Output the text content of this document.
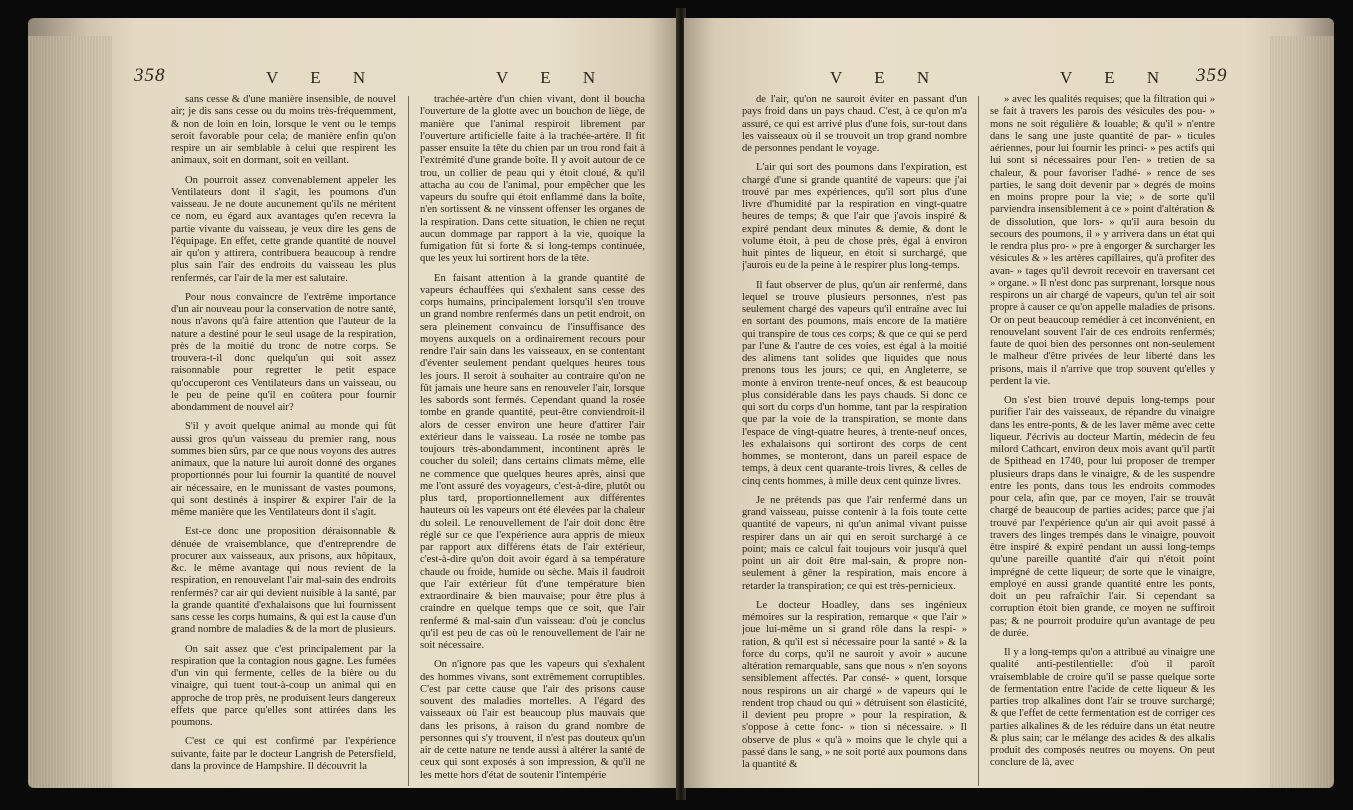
358	V E N	V E N

sans cesse & d'une manière insensible, de nouvel air; je dis sans cesse ou du moins très-fréquemment, & non de loin en loin, lorsque le vent ou le temps seroit favorable pour cela; de manière enfin qu'on respire un air semblable à celui que respirent les animaux, soit en dormant, soit en veillant.

On pourroit assez convenablement appeler les Ventilateurs dont il s'agit, les poumons d'un vaisseau. Je ne doute aucunement qu'ils ne méritent ce nom, eu égard aux avantages qu'en recevra la partie vivante du vaisseau, je veux dire les gens de l'équipage. En effet, cette grande quantité de nouvel air qu'on y attirera, contribuera beaucoup à rendre plus sain l'air des endroits du vaisseau les plus renfermés, car l'air de la mer est salutaire.

Pour nous convaincre de l'extrême importance d'un air nouveau pour la conservation de notre santé, nous n'avons qu'à faire attention que l'auteur de la nature a destiné pour le seul usage de la respiration, près de la moitié du tronc de notre corps. Se trouvera-t-il donc quelqu'un qui soit assez raisonnable pour regretter le petit espace qu'occuperont ces Ventilateurs dans un vaisseau, ou le peu de peine qu'il en coûtera pour fournir abondamment de nouvel air?

S'il y avoit quelque animal au monde qui fût aussi gros qu'un vaisseau du premier rang, nous sommes bien sûrs, par ce que nous voyons des autres animaux, que la nature lui auroit donné des organes proportionnés pour lui fournir la quantité de nouvel air nécessaire, en le munissant de vastes poumons, qui sont destinés à inspirer & expirer l'air de la même manière que les Ventilateurs dont il s'agit.

Est-ce donc une proposition déraisonnable & dénuée de vraisemblance, que d'entreprendre de procurer aux vaisseaux, aux prisons, aux hôpitaux, &c. le même avantage qui nous revient de la respiration, en renouvelant l'air mal-sain des endroits renfermés? car air qui devient nuisible à la santé, par la grande quantité d'exhalaisons que lui fournissent sans cesse les corps humains, & qui est la cause d'un grand nombre de maladies & de la mort de plusieurs.

On sait assez que c'est principalement par la respiration que la contagion nous gagne. Les fumées d'un vin qui fermente, celles de la bière ou du vinaigre, qui tuent tout-à-coup un animal qui en approche de trop près, ne produisent leurs dangereux effets que parce qu'elles sont attirées dans les poumons.

C'est ce qui est confirmé par l'expérience suivante, faite par le docteur Langrish de Petersfield, dans la province de Hampshire. Il découvrit la

trachée-artère d'un chien vivant, dont il boucha l'ouverture de la glotte avec un bouchon de liège, de manière que l'animal respiroit librement par l'ouverture artificielle faite à la trachée-artère. Il fit passer ensuite la tête du chien par un trou rond fait à l'extrémité d'une grande boîte. Il y avoit autour de ce trou, un collier de peau qui y étoit cloué, & qu'il attacha au cou de l'animal, pour empêcher que les vapeurs du soufre qui étoit enflammé dans la boîte, n'en sortissent & ne vinssent offenser les organes de la respiration. Dans cette situation, le chien ne reçut aucun dommage par rapport à la vie, quoique la fumigation fût si forte & si long-temps continuée, que les yeux lui sortirent hors de la tête.

En faisant attention à la grande quantité de vapeurs échauffées qui s'exhalent sans cesse des corps humains, principalement lorsqu'il s'en trouve un grand nombre renfermés dans un petit endroit, on sera pleinement convaincu de l'insuffisance des moyens auxquels on a ordinairement recours pour rendre l'air sain dans les vaisseaux, en se contentant d'éventer seulement pendant quelques heures tous les jours. Il seroit à souhaiter au contraire qu'on ne fût jamais une heure sans en renouveler l'air, lorsque les sabords sont fermés. Cependant quand la rosée tombe en grande quantité, peut-être conviendroit-il alors de cesser environ une heure d'attirer l'air extérieur dans le vaisseau. La rosée ne tombe pas toujours très-abondamment, incontinent après le coucher du soleil; dans certains climats même, elle ne commence que quelques heures après, ainsi que me l'ont assuré des voyageurs, c'est-à-dire, plutôt ou plus tard, proportionnellement aux différentes hauteurs où les vapeurs ont été élevées par la chaleur du soleil. Le renouvellement de l'air doit donc être réglé sur ce que l'expérience aura appris de mieux par rapport aux différens états de l'air extérieur, c'est-à-dire qu'on doit avoir égard à sa température chaude ou froide, humide ou sèche. Mais il faudroit que l'air extérieur fût d'une température bien extraordinaire & bien mauvaise; pour être plus à craindre en quelque temps que ce soit, que l'air renfermé & mal-sain d'un vaisseau: d'où je conclus qu'il est peu de cas où le renouvellement de l'air ne soit nécessaire.

On n'ignore pas que les vapeurs qui s'exhalent des hommes vivans, sont extrêmement corruptibles. C'est par cette cause que l'air des prisons cause souvent des maladies mortelles. A l'égard des vaisseaux où l'air est beaucoup plus mauvais que dans les prisons, à raison du grand nombre de personnes qui s'y trouvent, il n'est pas douteux qu'un air de cette nature ne tende aussi à altérer la santé de ceux qui sont exposés à son impression, & qu'il ne les mette hors d'état de soutenir l'intempérie

V E N	V E N 359

de l'air, qu'on ne sauroit éviter en passant d'un pays froid dans un pays chaud. C'est, à ce qu'on m'a assuré, ce qui est arrivé plus d'une fois, sur-tout dans les vaisseaux où il se trouvoit un trop grand nombre de personnes pendant le voyage.

L'air qui sort des poumons dans l'expiration, est chargé d'une si grande quantité de vapeurs: que j'ai trouvé par mes expériences, qu'il sort plus d'une livre d'humidité par la respiration en vingt-quatre heures de temps; & que l'air que j'avois inspiré & expiré pendant deux minutes & demie, & dont le volume étoit, à peu de chose près, égal à environ huit pintes de liqueur, en étoit si surchargé, que j'aurois eu de la peine à le respirer plus long-temps.

Il faut observer de plus, qu'un air renfermé, dans lequel se trouve plusieurs personnes, n'est pas seulement chargé des vapeurs qu'il entraîne avec lui en sortant des poumons, mais encore de la matière qui transpire de tous ces corps; & que ce qui se perd par l'une & l'autre de ces voies, est égal à la moitié des alimens tant solides que liquides que nous prenons tous les jours; ce qui, en Angleterre, se monte à environ trente-neuf onces, & est beaucoup plus considérable dans les pays chauds. Si donc ce qui sort du corps d'un homme, tant par la respiration que par la voie de la transpiration, se monte dans l'espace de vingt-quatre heures, à trente-neuf onces, les exhalaisons qui sortiront des corps de cent hommes, se monteront, dans un pareil espace de temps, à deux cent quarante-trois livres, & celles de cinq cents hommes, à mille deux cent quinze livres.

Je ne prétends pas que l'air renfermé dans un grand vaisseau, puisse contenir à la fois toute cette quantité de vapeurs, ni qu'un animal vivant puisse respirer dans un air qui en seroit surchargé à ce point; mais ce calcul fait toujours voir jusqu'à quel point un air doit être mal-sain, & propre non-seulement à gêner la respiration, mais encore à retarder la transpiration; ce qui est très-pernicieux.

Le docteur Hoadley, dans ses ingénieux mémoires sur la respiration, remarque « que l'air » joue lui-même un si grand rôle dans la respi- » ration, & qu'il est si nécessaire pour la santé » & la force du corps, qu'il ne sauroit y avoir » aucune altération remarquable, sans que nous » n'en soyons sensiblement affectés. Par consé- » quent, lorsque nous respirons un air chargé » de vapeurs qui le rendent trop chaud ou qui » détruisent son élasticité, il devient peu propre » pour la respiration, & s'oppose à cette fonc- » tion si nécessaire. » Il observe de plus « qu'à » moins que le chyle qui a passé dans le sang, » ne soit porté aux poumons dans la quantité &

» avec les qualités requises; que la filtration qui » se fait à travers les parois des vésicules des pou- » mons ne soit régulière & louable; & qu'il » n'entre dans le sang une juste quantité de par- » ticules aériennes, pour lui fournir les princi- » pes actifs qui lui sont si nécessaires pour l'en- » tretien de sa chaleur, & pour favoriser l'adhé- » rence de ses parties, le sang doit devenir par » degrés de moins en moins propre pour la vie; » de sorte qu'il parviendra insensiblement à ce » point d'altération & de dissolution, que lors- » qu'il aura besoin du secours des poumons, il » y arrivera dans un état qui le rendra plus pro- » pre à engorger & surcharger les vésicules & » les artères capillaires, qu'à profiter des avan- » tages qu'il devroit recevoir en traversant cet » organe. » Il n'est donc pas surprenant, lorsque nous respirons un air chargé de vapeurs, qu'un tel air soit propre à causer ce qu'on appelle maladies de prisons. Or on peut beaucoup remédier à cet inconvénient, en renouvelant souvent l'air de ces endroits renfermés; faute de quoi bien des personnes ont non-seulement le malheur d'être privées de leur liberté dans les prisons, mais il n'arrive que trop souvent qu'elles y perdent la vie.

On s'est bien trouvé depuis long-temps pour purifier l'air des vaisseaux, de répandre du vinaigre dans les entre-ponts, & de les laver même avec cette liqueur. J'écrivis au docteur Martin, médecin de feu milord Cathcart, environ deux mois avant qu'il partît de Spithead en 1740, pour lui proposer de tremper plusieurs draps dans le vinaigre, & de les suspendre entre les ponts, dans tous les endroits commodes pour cela, afin que, par ce moyen, l'air se trouvât chargé de beaucoup de parties acides; parce que j'ai trouvé par l'expérience qu'un air qui avoit passé à travers des linges trempés dans le vinaigre, pouvoit être inspiré & expiré pendant un aussi long-temps qu'une pareille quantité d'air qui n'étoit point imprégné de cette liqueur; de sorte que le vinaigre, employé en aussi grande quantité entre les ponts, doit un peu rafraîchir l'air. Si cependant sa corruption étoit bien grande, ce moyen ne suffiroit pas; & ne pourroit produire qu'un avantage de peu de durée.

Il y a long-temps qu'on a attribué au vinaigre une qualité anti-pestilentielle: d'où il paroît vraisemblable de croire qu'il se passe quelque sorte de fermentation entre l'acide de cette liqueur & les parties trop alkalines dont l'air se trouve surchargé; & que l'effet de cette fermentation est de corriger ces parties alkalines & de les réduire dans un état neutre & plus sain; car le mélange des acides & des alkalis produit des composés neutres ou moyens. On peut conclure de là, avec
